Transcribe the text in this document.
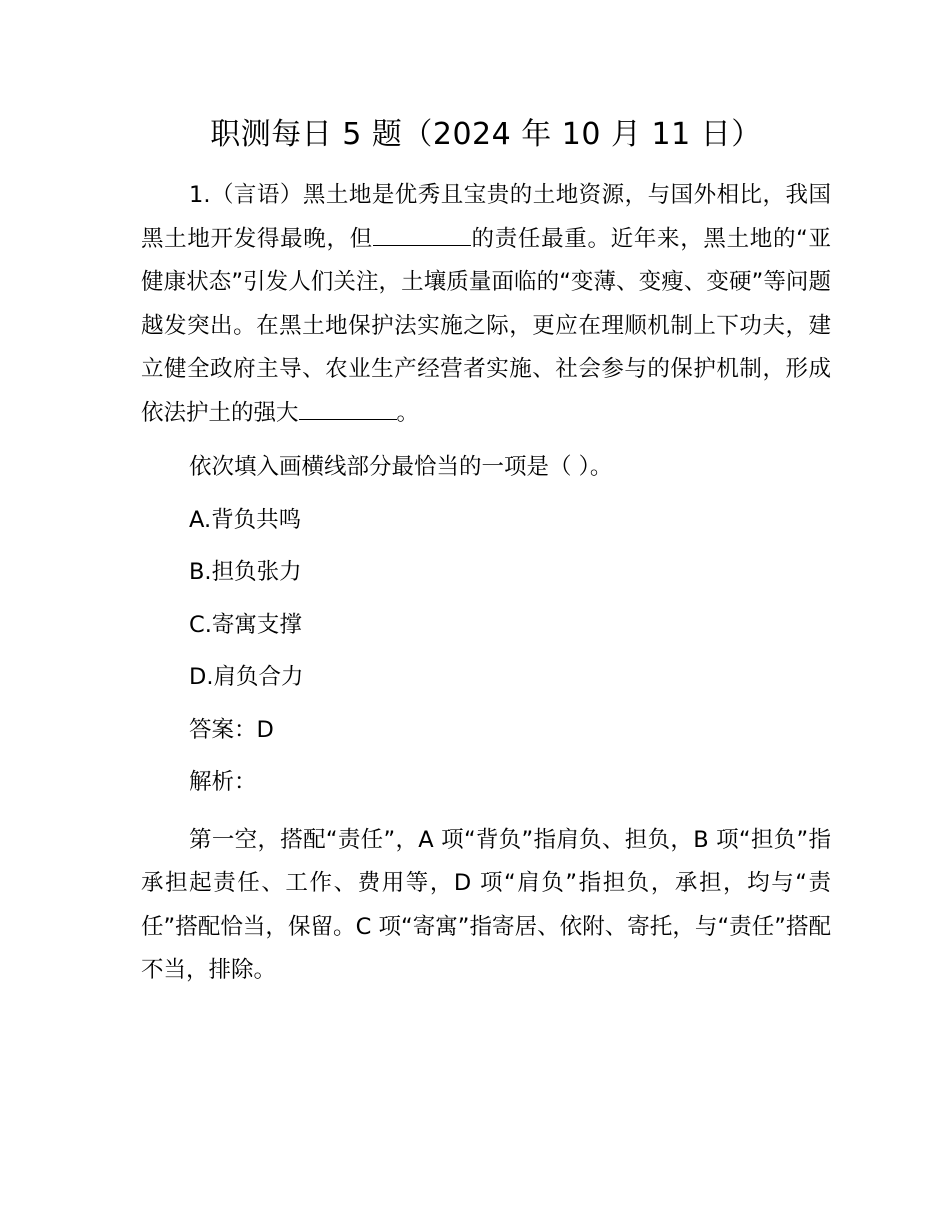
职测每日 5 题（2024 年 10 月 11 日）

1.（言语）黑土地是优秀且宝贵的土地资源，与国外相比，我国黑土地开发得最晚，但	的责任最重。近年来，黑土地的“亚健康状态”引发人们关注，土壤质量面临的“变薄、变瘦、变硬”等问题越发突出。在黑土地保护法实施之际，更应在理顺机制上下功夫，建立健全政府主导、农业生产经营者实施、社会参与的保护机制，形成依法护土的强大	。

依次填入画横线部分最恰当的一项是（ ）。

A.背负共鸣

B.担负张力

C.寄寓支撑

D.肩负合力

答案：D

解析：

第一空，搭配“责任”，A 项“背负”指肩负、担负，B 项“担负”指承担起责任、工作、费用等，D 项“肩负”指担负，承担，均与“责任”搭配恰当，保留。C 项“寄寓”指寄居、依附、寄托，与“责任”搭配不当，排除。
